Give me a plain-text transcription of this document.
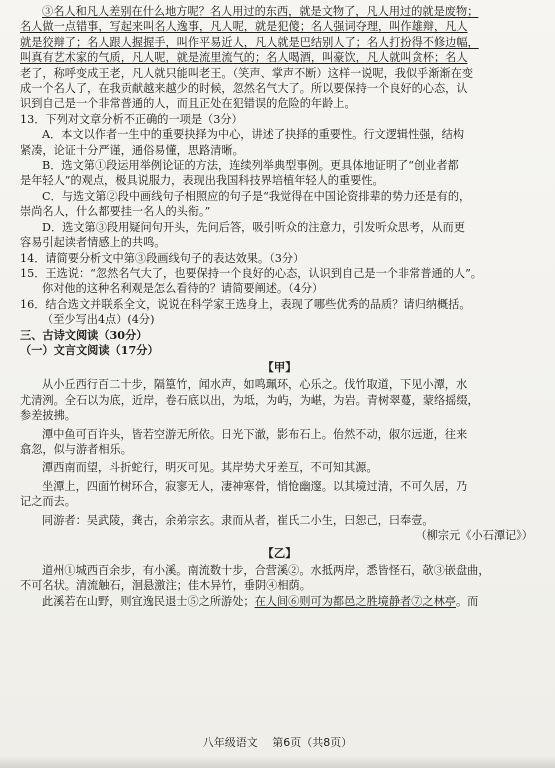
③名人和凡人差别在什么地方呢？名人用过的东西，就是文物了，凡人用过的就是废物；
名人做一点错事，写起来叫名人逸事，凡人呢，就是犯傻；名人强词夺理，叫作雄辩，凡人
就是狡辩了；名人跟人握握手，叫作平易近人，凡人就是巴结别人了；名人打扮得不修边幅，
叫真有艺术家的气质，凡人呢，就是流里流气的；名人喝酒，叫豪饮，凡人就叫贪杯；名人
老了，称呼变成王老，凡人就只能叫老王。（笑声、掌声不断）这样一说呢，我似乎渐渐在变
成一个名人了，在我贡献越来越少的时候，忽然名气大了。所以要保持一个良好的心态，认
识到自己是一个非常普通的人，而且正处在犯错误的危险的年龄上。
13．下列对文章分析不正确的一项是（3分）
A．本文以作者一生中的重要抉择为中心，讲述了抉择的重要性。行文逻辑性强，结构
紧凑，论证十分严谨，通俗易懂，思路清晰。
B．选文第①段运用举例论证的方法，连续列举典型事例。更具体地证明了“创业者都
是年轻人”的观点，极具说服力，表现出我国科技界培植年轻人的重要性。
C．与选文第②段中画线句子相照应的句子是“我觉得在中国论资排辈的势力还是有的，
崇尚名人，什么都要挂一名人的头衔。”
D．选文第③段用疑问句开头，先问后答，吸引听众的注意力，引发听众思考，从而更
容易引起读者情感上的共鸣。
14．请简要分析文中第③段画线句子的表达效果。（3分）
15．王选说：“忽然名气大了，也要保持一个良好的心态，认识到自己是一个非常普通的人”。
你对他的这种名利观是怎么看待的？请简要阐述。（4分）
16．结合选文并联系全文，说说在科学家王选身上，表现了哪些优秀的品质？请归纳概括。
（至少写出4点）(4分)
三、古诗文阅读（30分）
（一）文言文阅读（17分）
【甲】
从小丘西行百二十步，隔篁竹，闻水声，如鸣珮环，心乐之。伐竹取道，下见小潭，水
尤清洌。全石以为底，近岸，卷石底以出，为坻，为屿，为嵁，为岩。青树翠蔓，蒙络摇缀，
参差披拂。
潭中鱼可百许头，皆若空游无所依。日光下澈，影布石上。佁然不动，俶尔远逝，往来
翕忽，似与游者相乐。
潭西南而望，斗折蛇行，明灭可见。其岸势犬牙差互，不可知其源。
坐潭上，四面竹树环合，寂寥无人，凄神寒骨，悄怆幽邃。以其境过清，不可久居，乃
记之而去。
同游者：吴武陵，龚古，余弟宗玄。隶而从者，崔氏二小生，曰恕己，曰奉壹。
（柳宗元《小石潭记》）
【乙】
道州①城西百余步，有小溪。南流数十步，合营溪②。水抵两岸，悉皆怪石，欹③嵌盘曲，
不可名状。清流触石，洄悬激注；佳木异竹，垂阴④相荫。
此溪若在山野，则宜逸民退士⑤之所游处；在人间⑥则可为都邑之胜境静者⑦之林亭。而
八年级语文　 第6页（共8页）
